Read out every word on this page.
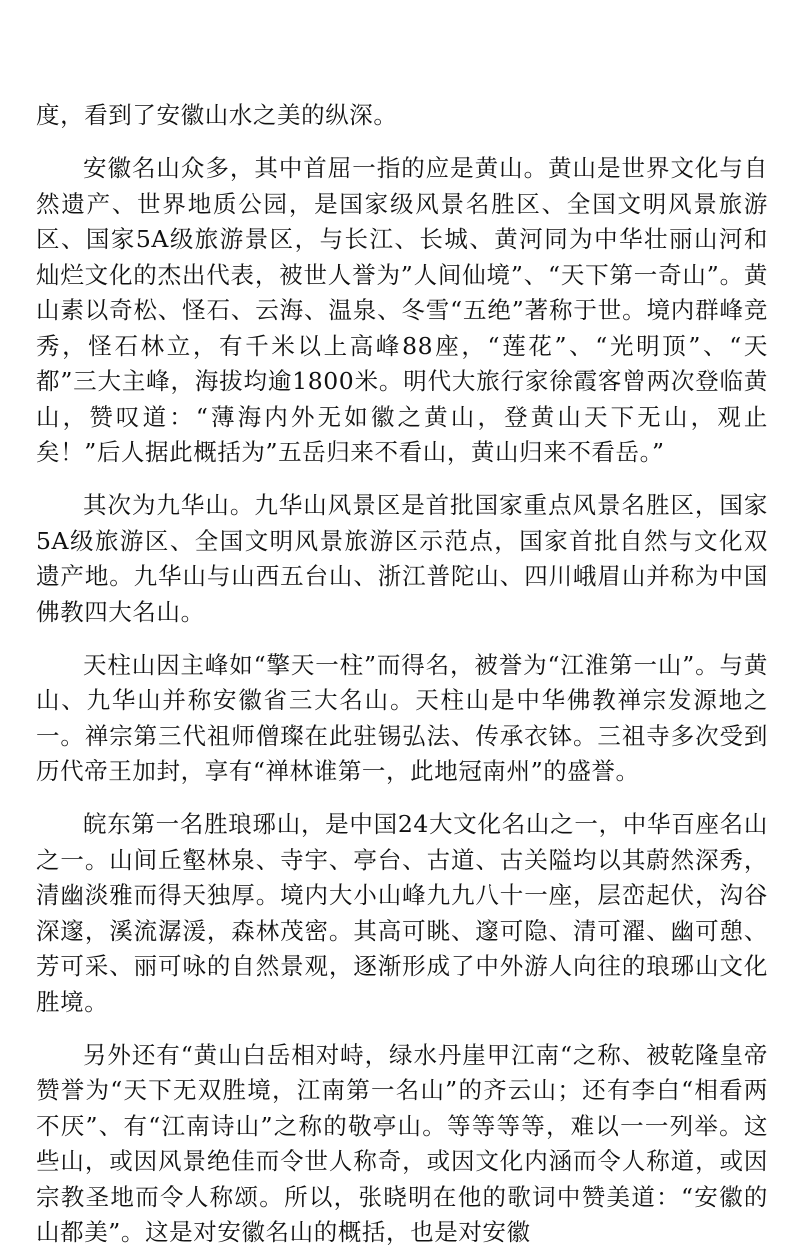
度，看到了安徽山水之美的纵深。

安徽名山众多，其中首屈一指的应是黄山。黄山是世界文化与自然遗产、世界地质公园，是国家级风景名胜区、全国文明风景旅游区、国家5A级旅游景区，与长江、长城、黄河同为中华壮丽山河和灿烂文化的杰出代表，被世人誉为”人间仙境”、“天下第一奇山”。黄山素以奇松、怪石、云海、温泉、冬雪“五绝”著称于世。境内群峰竞秀，怪石林立，有千米以上高峰88座，“莲花”、“光明顶”、“天都”三大主峰，海拔均逾1800米。明代大旅行家徐霞客曾两次登临黄山，赞叹道：“薄海内外无如徽之黄山，登黄山天下无山，观止矣！”后人据此概括为”五岳归来不看山，黄山归来不看岳。”

其次为九华山。九华山风景区是首批国家重点风景名胜区，国家5A级旅游区、全国文明风景旅游区示范点，国家首批自然与文化双遗产地。九华山与山西五台山、浙江普陀山、四川峨眉山并称为中国佛教四大名山。

天柱山因主峰如“擎天一柱”而得名，被誉为“江淮第一山”。与黄山、九华山并称安徽省三大名山。天柱山是中华佛教禅宗发源地之一。禅宗第三代祖师僧璨在此驻锡弘法、传承衣钵。三祖寺多次受到历代帝王加封，享有“禅林谁第一，此地冠南州”的盛誉。

皖东第一名胜琅琊山，是中国24大文化名山之一，中华百座名山之一。山间丘壑林泉、寺宇、亭台、古道、古关隘均以其蔚然深秀，清幽淡雅而得天独厚。境内大小山峰九九八十一座，层峦起伏，沟谷深邃，溪流潺湲，森林茂密。其高可眺、邃可隐、清可濯、幽可憩、芳可采、丽可咏的自然景观，逐渐形成了中外游人向往的琅琊山文化胜境。

另外还有“黄山白岳相对峙，绿水丹崖甲江南“之称、被乾隆皇帝赞誉为“天下无双胜境，江南第一名山”的齐云山；还有李白“相看两不厌”、有“江南诗山”之称的敬亭山。等等等等，难以一一列举。这些山，或因风景绝佳而令世人称奇，或因文化内涵而令人称道，或因宗教圣地而令人称颂。所以，张晓明在他的歌词中赞美道：“安徽的山都美”。这是对安徽名山的概括，也是对安徽
